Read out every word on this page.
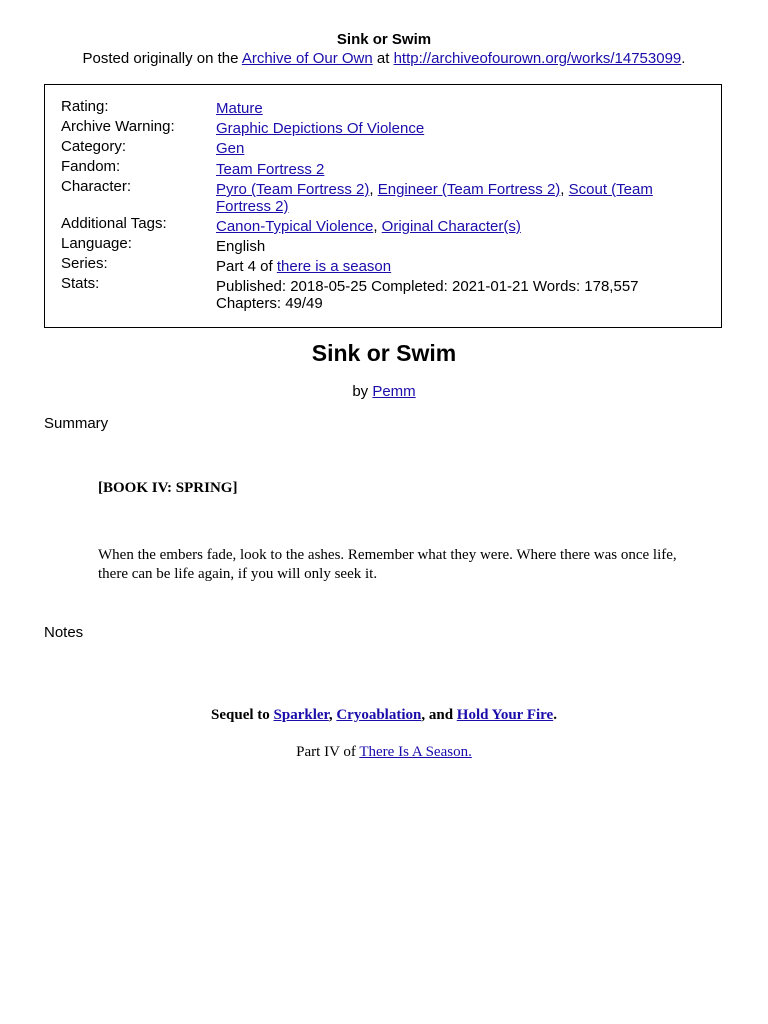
Sink or Swim
Posted originally on the Archive of Our Own at http://archiveofourown.org/works/14753099.
Rating:	Mature
Archive Warning:	Graphic Depictions Of Violence
Category:	Gen
Fandom:	Team Fortress 2
Character:	Pyro (Team Fortress 2), Engineer (Team Fortress 2), Scout (Team Fortress 2)
Additional Tags:	Canon-Typical Violence, Original Character(s)
Language:	English
Series:	Part 4 of there is a season
Stats:	Published: 2018-05-25 Completed: 2021-01-21 Words: 178,557 Chapters: 49/49
Sink or Swim
by Pemm
Summary
[BOOK IV: SPRING]
When the embers fade, look to the ashes. Remember what they were. Where there was once life, there can be life again, if you will only seek it.
Notes
Sequel to Sparkler, Cryoablation, and Hold Your Fire.
Part IV of There Is A Season.
